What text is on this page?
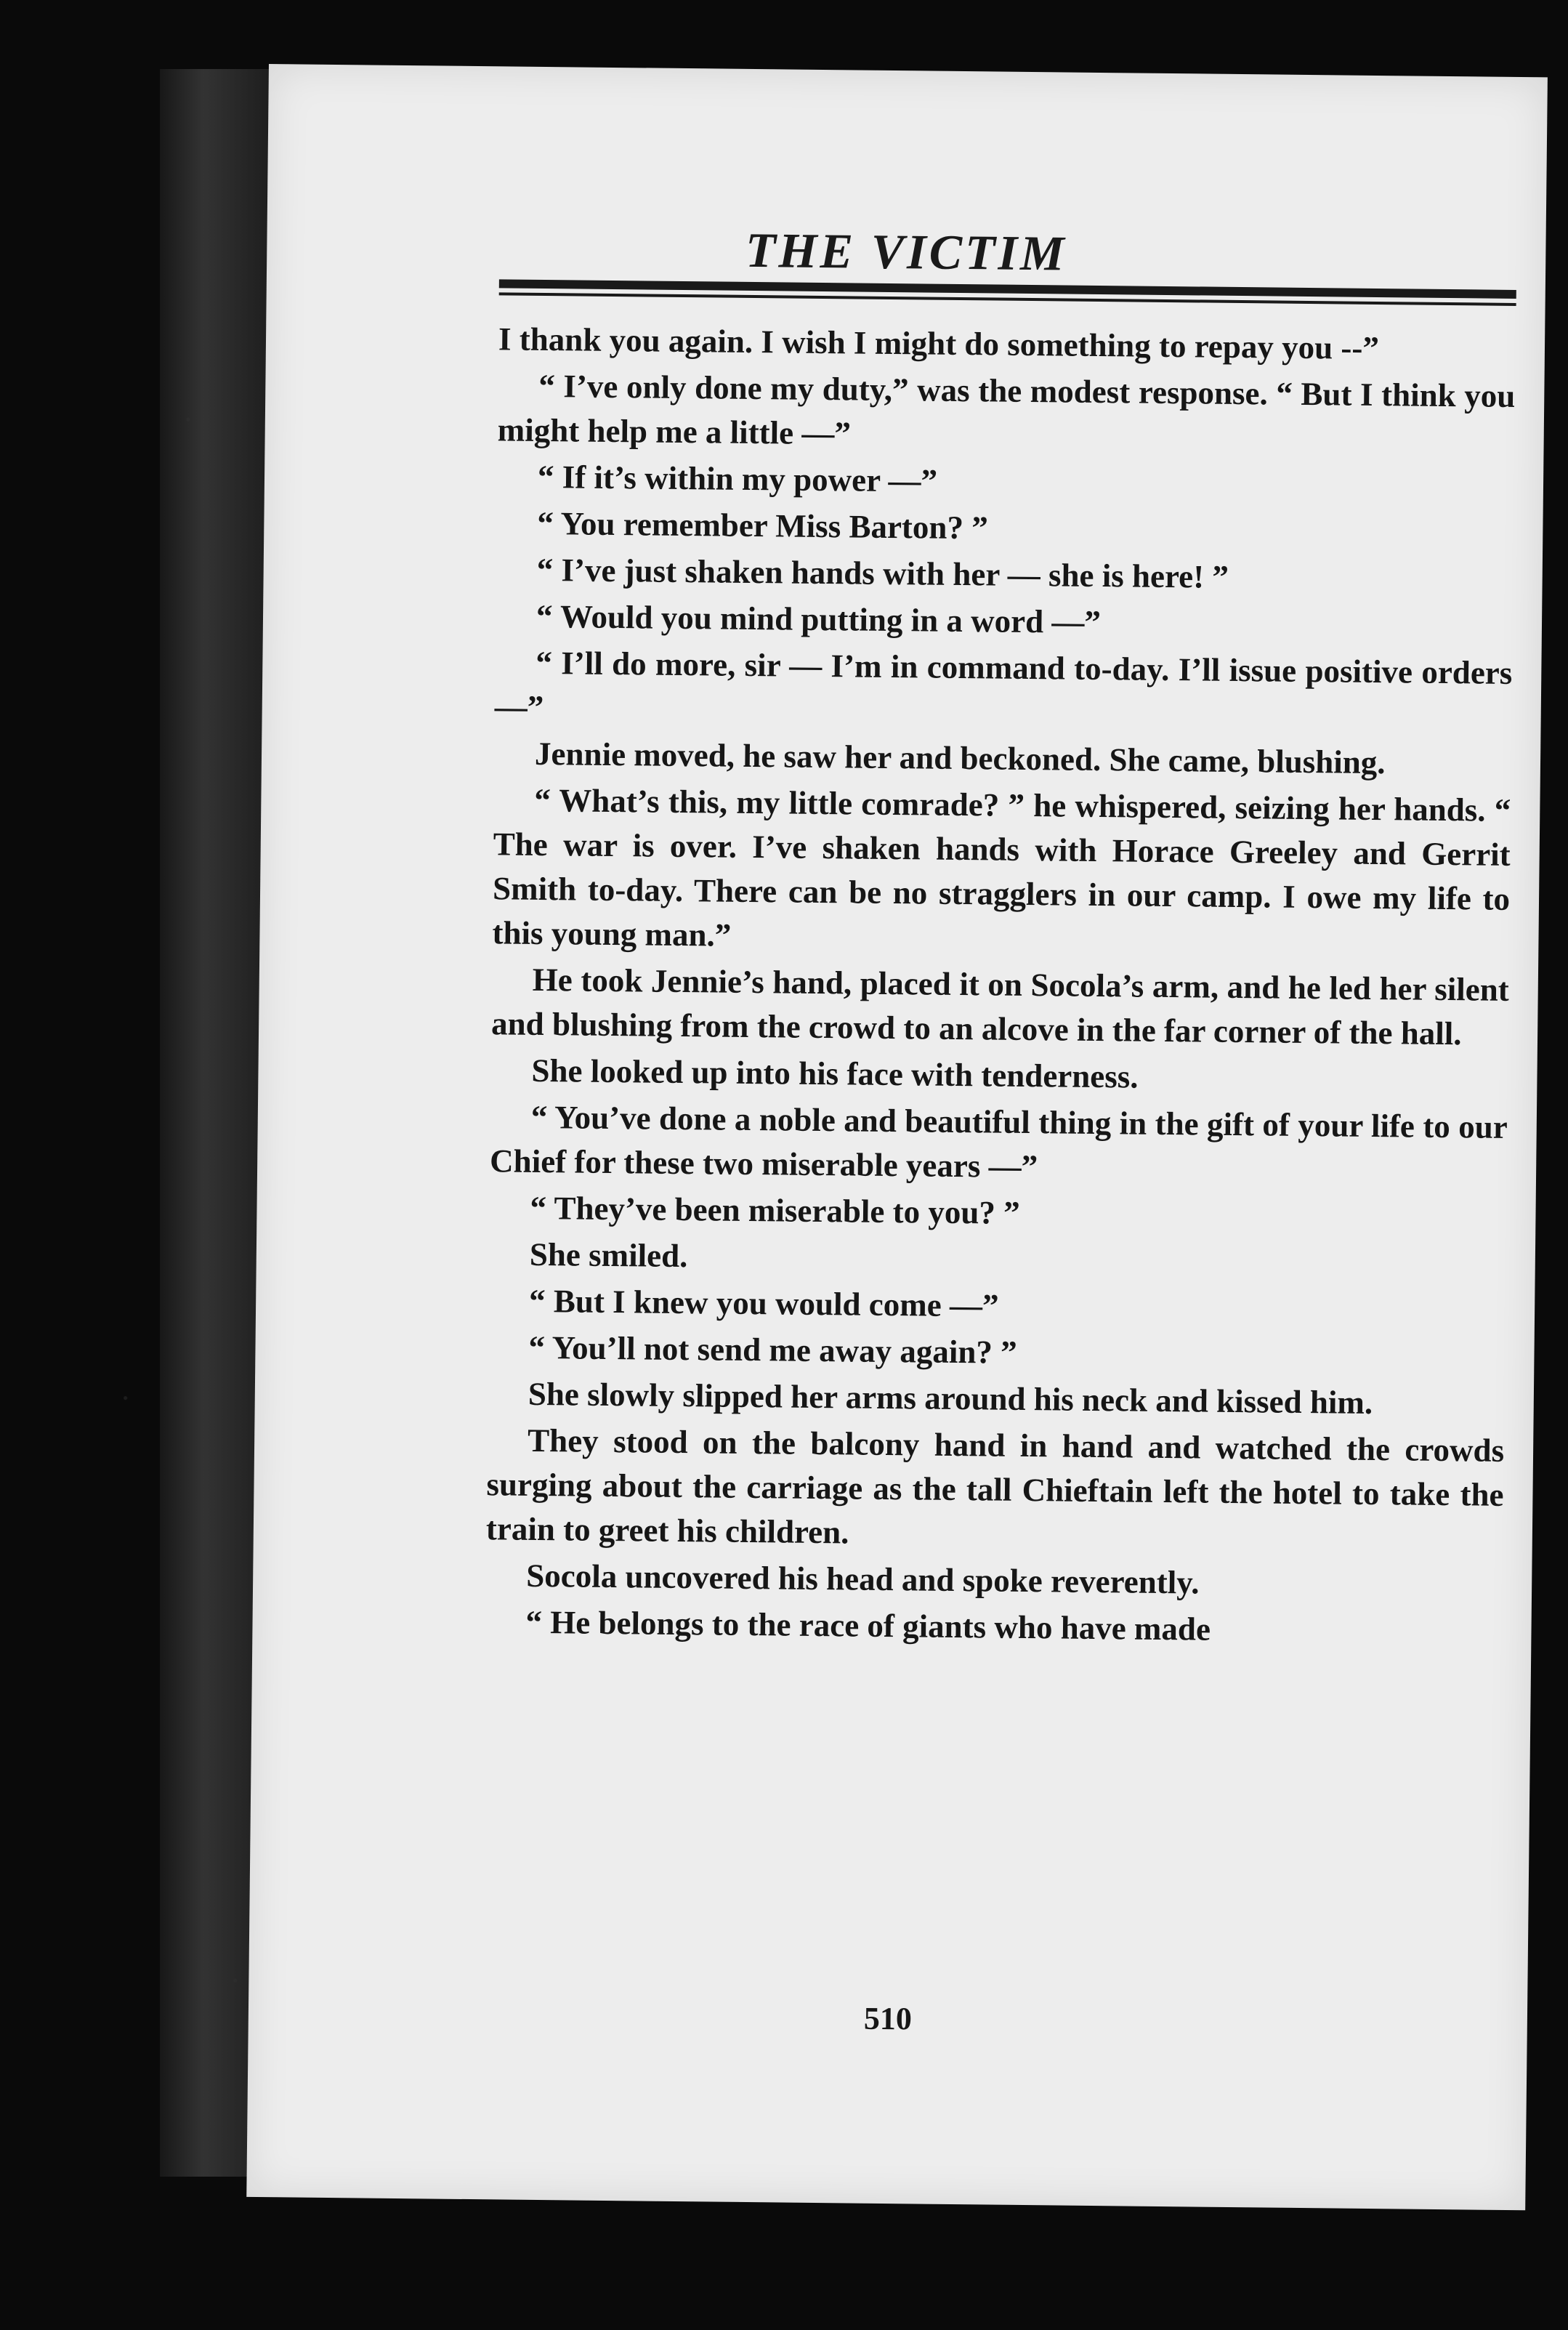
THE VICTIM

I thank you again. I wish I might do something to repay you --”

“ I’ve only done my duty,” was the modest response. “ But I think you might help me a little —”

“ If it’s within my power —”

“ You remember Miss Barton? ”

“ I’ve just shaken hands with her — she is here! ”

“ Would you mind putting in a word —”

“ I’ll do more, sir — I’m in command to-day. I’ll issue positive orders —”

Jennie moved, he saw her and beckoned. She came, blushing.

“ What’s this, my little comrade? ” he whispered, seizing her hands. “ The war is over. I’ve shaken hands with Horace Greeley and Gerrit Smith to-day. There can be no stragglers in our camp. I owe my life to this young man.”

He took Jennie’s hand, placed it on Socola’s arm, and he led her silent and blushing from the crowd to an alcove in the far corner of the hall.

She looked up into his face with tenderness.

“ You’ve done a noble and beautiful thing in the gift of your life to our Chief for these two miserable years —”

“ They’ve been miserable to you? ”

She smiled.

“ But I knew you would come —”

“ You’ll not send me away again? ”

She slowly slipped her arms around his neck and kissed him.

They stood on the balcony hand in hand and watched the crowds surging about the carriage as the tall Chieftain left the hotel to take the train to greet his children.

Socola uncovered his head and spoke reverently.

“ He belongs to the race of giants who have made

510
